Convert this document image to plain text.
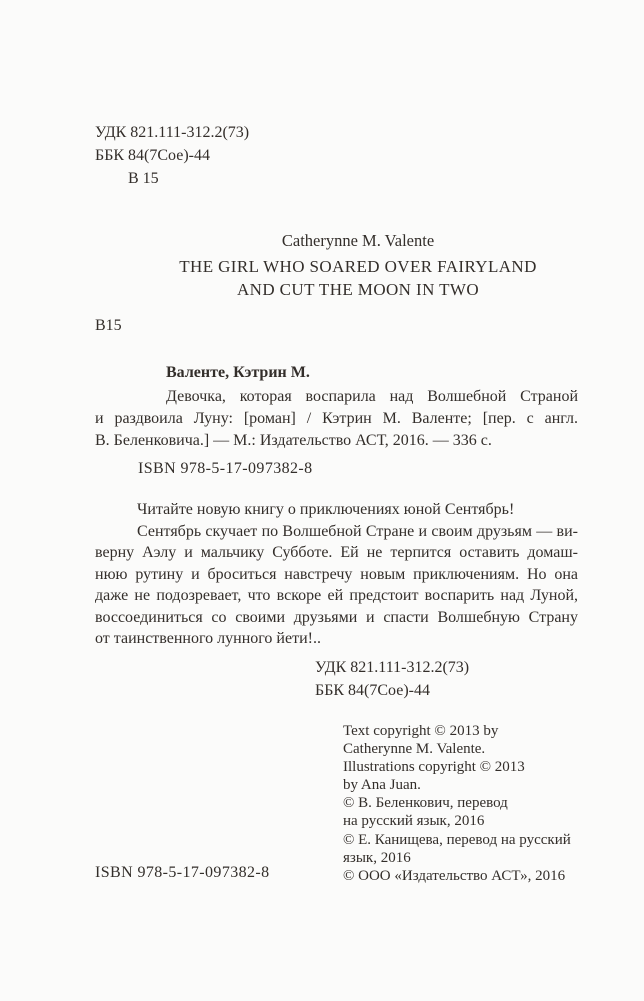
УДК 821.111-312.2(73)
ББК 84(7Сое)-44
В 15
Catherynne M. Valente
THE GIRL WHO SOARED OVER FAIRYLAND
AND CUT THE MOON IN TWO
В15
Валенте, Кэтрин М.
Девочка, которая воспарила над Волшебной Страной
и раздвоила Луну: [роман] / Кэтрин М. Валенте; [пер. с англ.
В. Беленковича.] — М.: Издательство АСТ, 2016. — 336 с.
ISBN 978-5-17-097382-8
Читайте новую книгу о приключениях юной Сентябрь!
Сентябрь скучает по Волшебной Стране и своим друзьям — ви-
верну Аэлу и мальчику Субботе. Ей не терпится оставить домаш-
нюю рутину и броситься навстречу новым приключениям. Но она
даже не подозревает, что вскоре ей предстоит воспарить над Луной,
воссоединиться со своими друзьями и спасти Волшебную Страну
от таинственного лунного йети!..
УДК 821.111-312.2(73)
ББК 84(7Сое)-44
Text copyright © 2013 by
Catherynne M. Valente.
Illustrations copyright © 2013
by Ana Juan.
© В. Беленкович, перевод
на русский язык, 2016
© Е. Канищева, перевод на русский
язык, 2016
© ООО «Издательство АСТ», 2016
ISBN 978-5-17-097382-8
